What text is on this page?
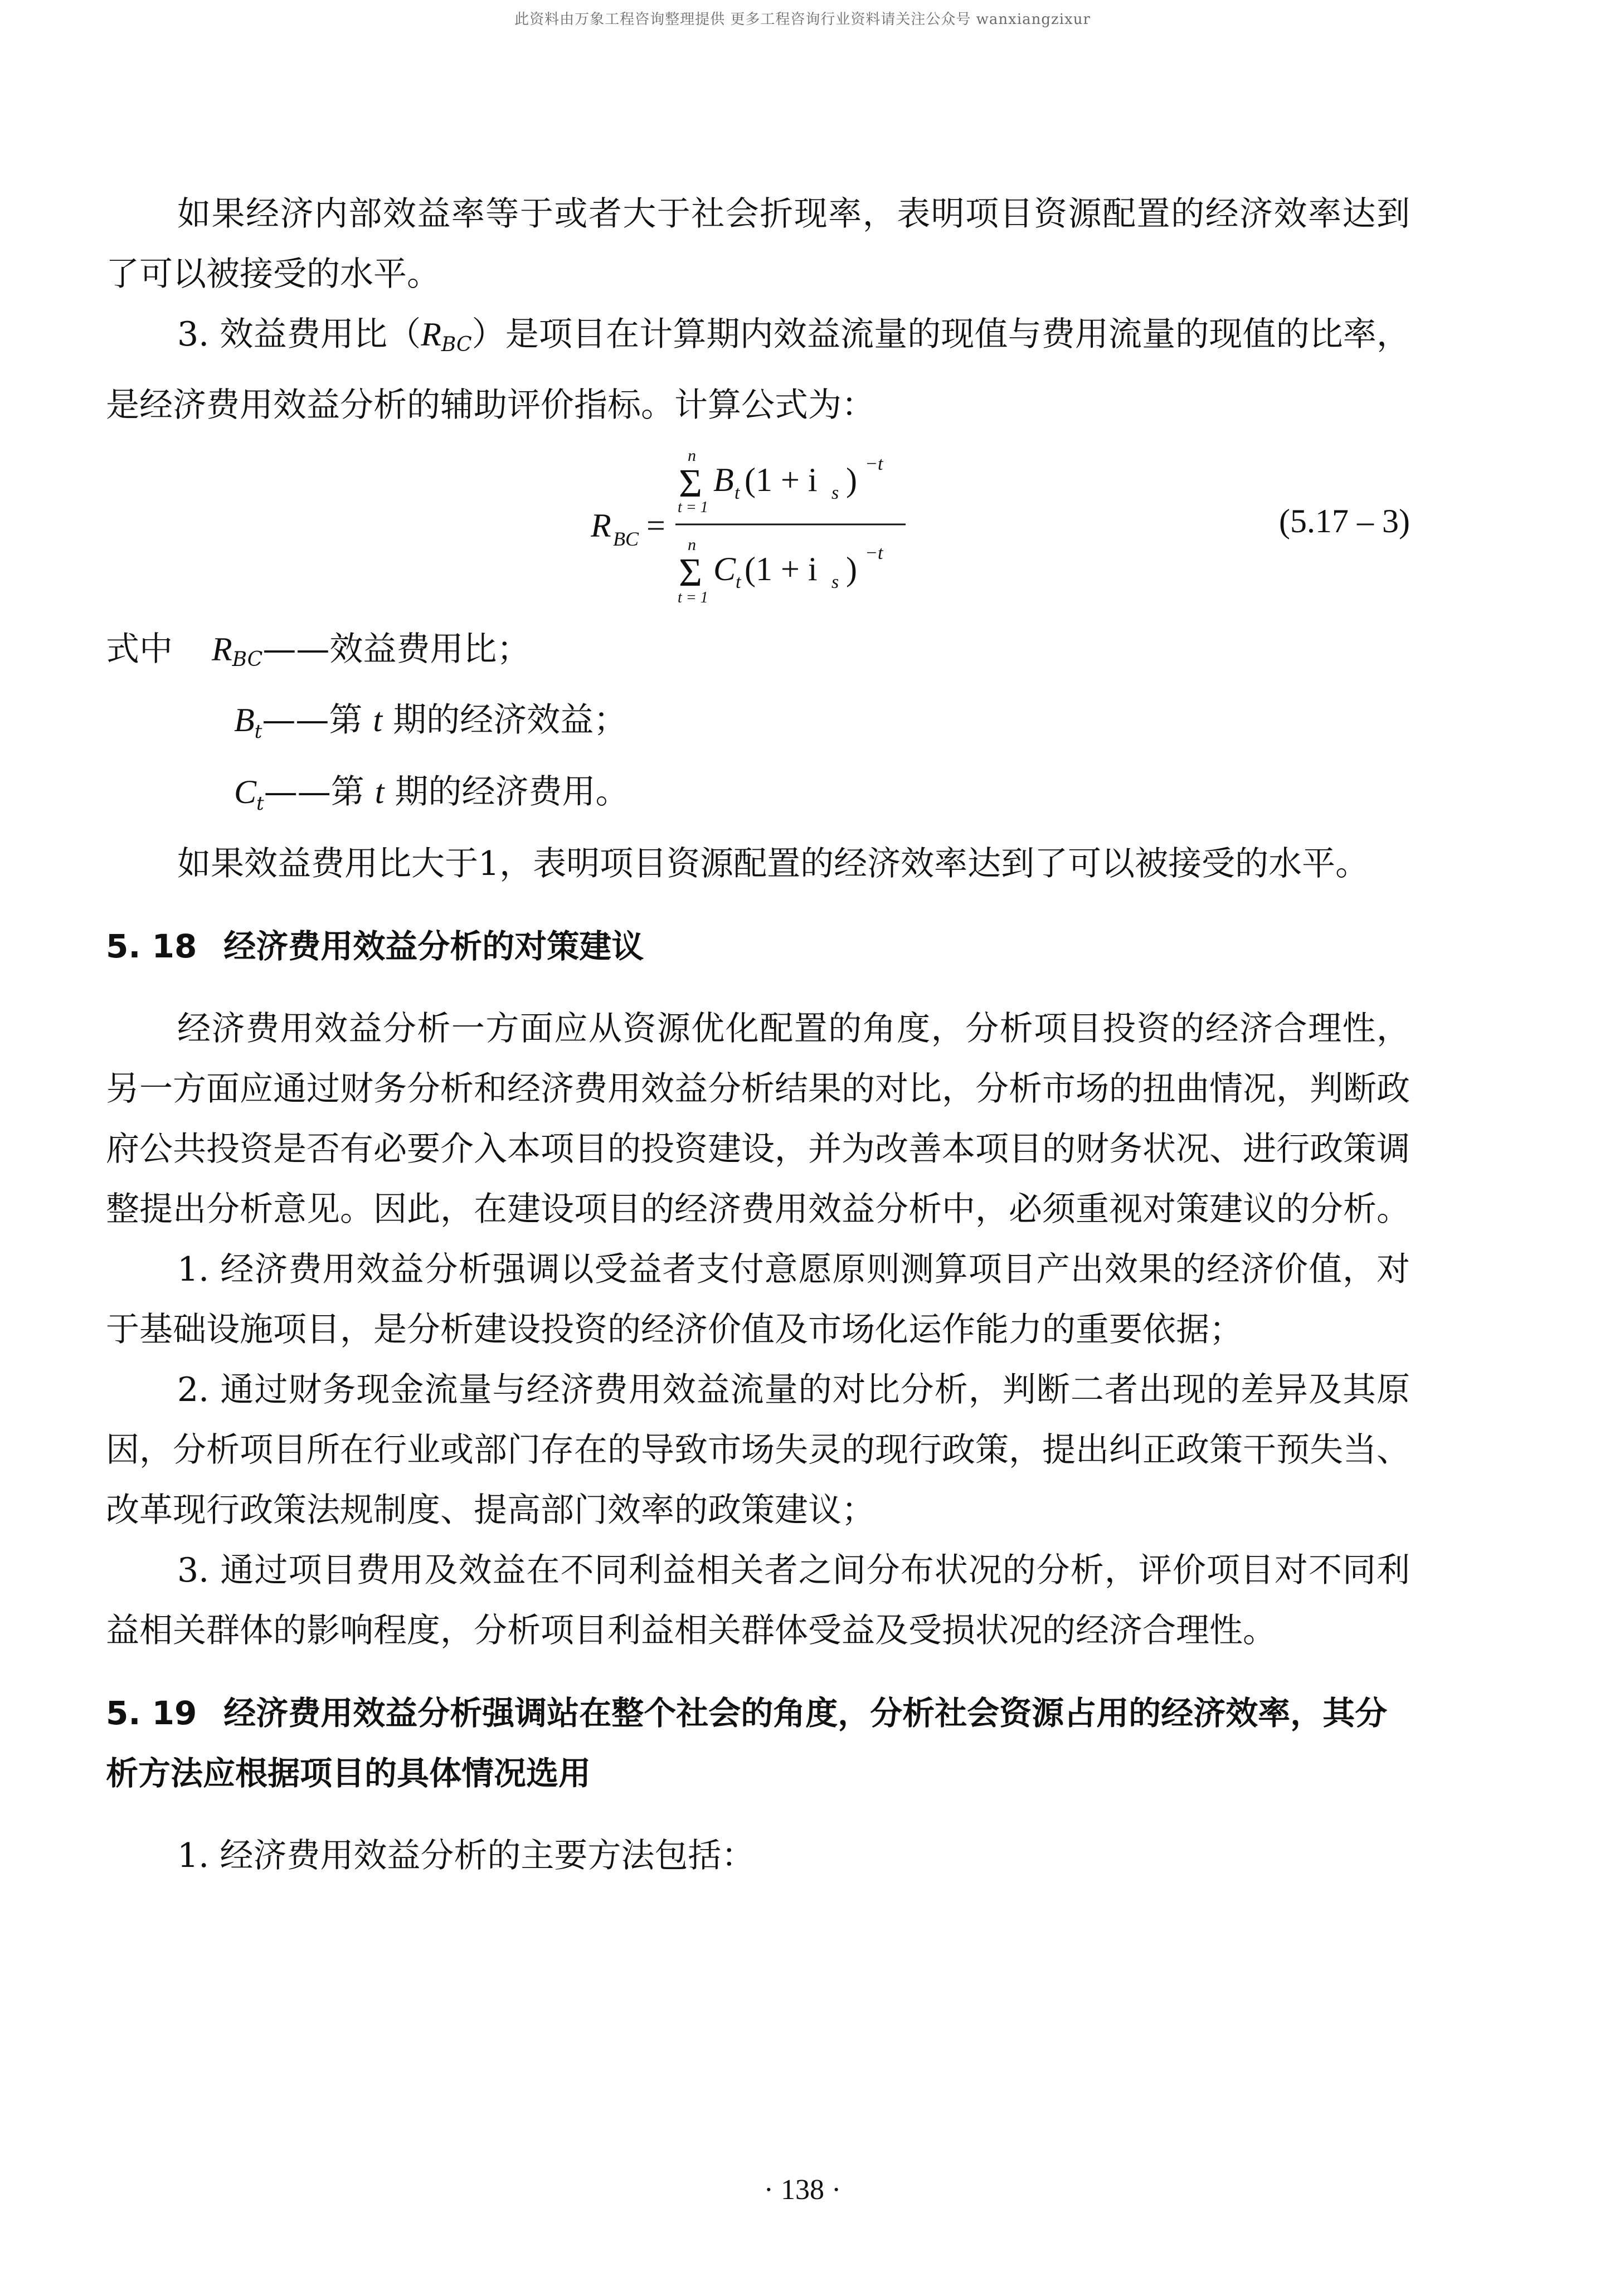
此资料由万象工程咨询整理提供 更多工程咨询行业资料请关注公众号 wanxiangzixur

如果经济内部效益率等于或者大于社会折现率，表明项目资源配置的经济效率达到了可以被接受的水平。

3. 效益费用比$(R_{BC})$是项目在计算期内效益流量的现值与费用流量的现值的比率，是经济费用效益分析的辅助评价指标。计算公式为：

R BC =
n
Σ
t = 1
B t (1 + i s ) −t
n
Σ
t = 1
C t (1 + i s ) −t
(5.17 – 3)

式中 $R_{BC}——$效益费用比；

$B_t——$第 t 期的经济效益；

$C_t——$第 t 期的经济费用。

如果效益费用比大于1，表明项目资源配置的经济效率达到了可以被接受的水平。

5. 18 经济费用效益分析的对策建议

经济费用效益分析一方面应从资源优化配置的角度，分析项目投资的经济合理性，另一方面应通过财务分析和经济费用效益分析结果的对比，分析市场的扭曲情况，判断政府公共投资是否有必要介入本项目的投资建设，并为改善本项目的财务状况、进行政策调整提出分析意见。因此，在建设项目的经济费用效益分析中，必须重视对策建议的分析。

1. 经济费用效益分析强调以受益者支付意愿原则测算项目产出效果的经济价值，对于基础设施项目，是分析建设投资的经济价值及市场化运作能力的重要依据；

2. 通过财务现金流量与经济费用效益流量的对比分析，判断二者出现的差异及其原因，分析项目所在行业或部门存在的导致市场失灵的现行政策，提出纠正政策干预失当、改革现行政策法规制度、提高部门效率的政策建议；

3. 通过项目费用及效益在不同利益相关者之间分布状况的分析，评价项目对不同利益相关群体的影响程度，分析项目利益相关群体受益及受损状况的经济合理性。

5. 19 经济费用效益分析强调站在整个社会的角度，分析社会资源占用的经济效率，其分析方法应根据项目的具体情况选用

1. 经济费用效益分析的主要方法包括：

· 138 ·
